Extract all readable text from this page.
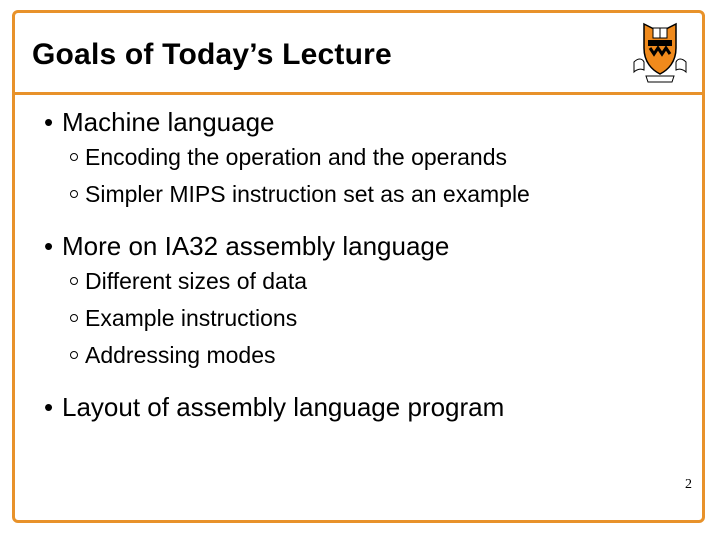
Goals of Today’s Lecture
• Machine language
Encoding the operation and the operands
Simpler MIPS instruction set as an example
• More on IA32 assembly language
Different sizes of data
Example instructions
Addressing modes
• Layout of assembly language program
2
